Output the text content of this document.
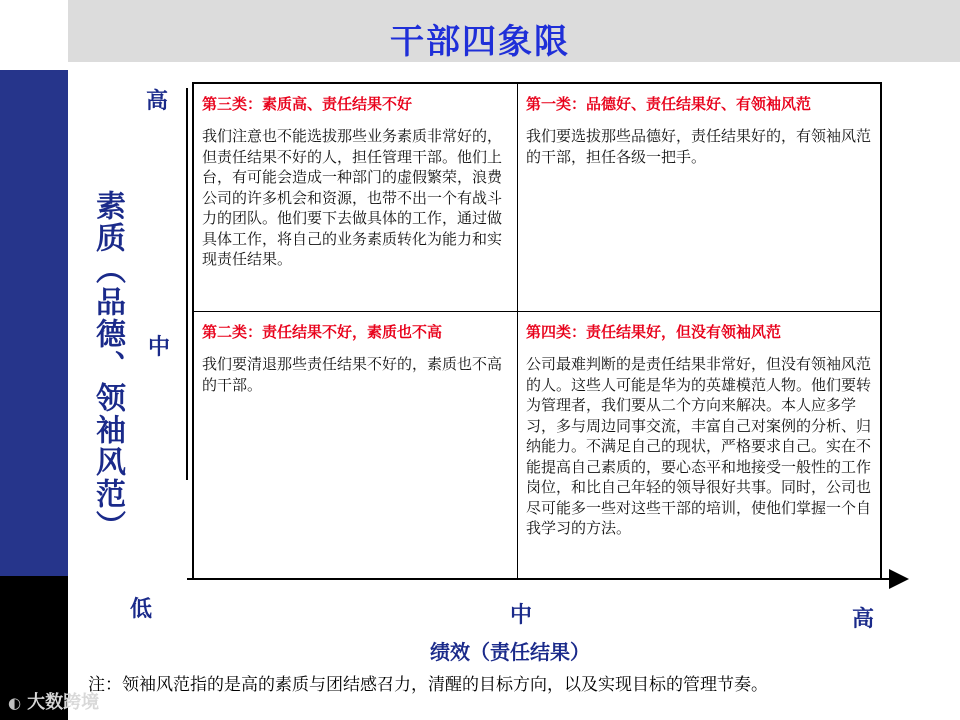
干部四象限
高
中
低
素质（品德、领袖风范）
中	高
绩效（责任结果）
第三类：素质高、责任结果不好
我们注意也不能选拔那些业务素质非常好的，但责任结果不好的人，担任管理干部。他们上台，有可能会造成一种部门的虚假繁荣，浪费公司的许多机会和资源，也带不出一个有战斗力的团队。他们要下去做具体的工作，通过做具体工作，将自己的业务素质转化为能力和实现责任结果。
第一类：品德好、责任结果好、有领袖风范
我们要选拔那些品德好，责任结果好的，有领袖风范的干部，担任各级一把手。
第二类：责任结果不好，素质也不高
我们要清退那些责任结果不好的，素质也不高的干部。
第四类：责任结果好，但没有领袖风范
公司最难判断的是责任结果非常好，但没有领袖风范的人。这些人可能是华为的英雄模范人物。他们要转为管理者，我们要从二个方向来解决。本人应多学习，多与周边同事交流，丰富自己对案例的分析、归纳能力。不满足自己的现状，严格要求自己。实在不能提高自己素质的，要心态平和地接受一般性的工作岗位，和比自己年轻的领导很好共事。同时，公司也尽可能多一些对这些干部的培训，使他们掌握一个自我学习的方法。
注：领袖风范指的是高的素质与团结感召力，清醒的目标方向，以及实现目标的管理节奏。
◐ 大数跨境
